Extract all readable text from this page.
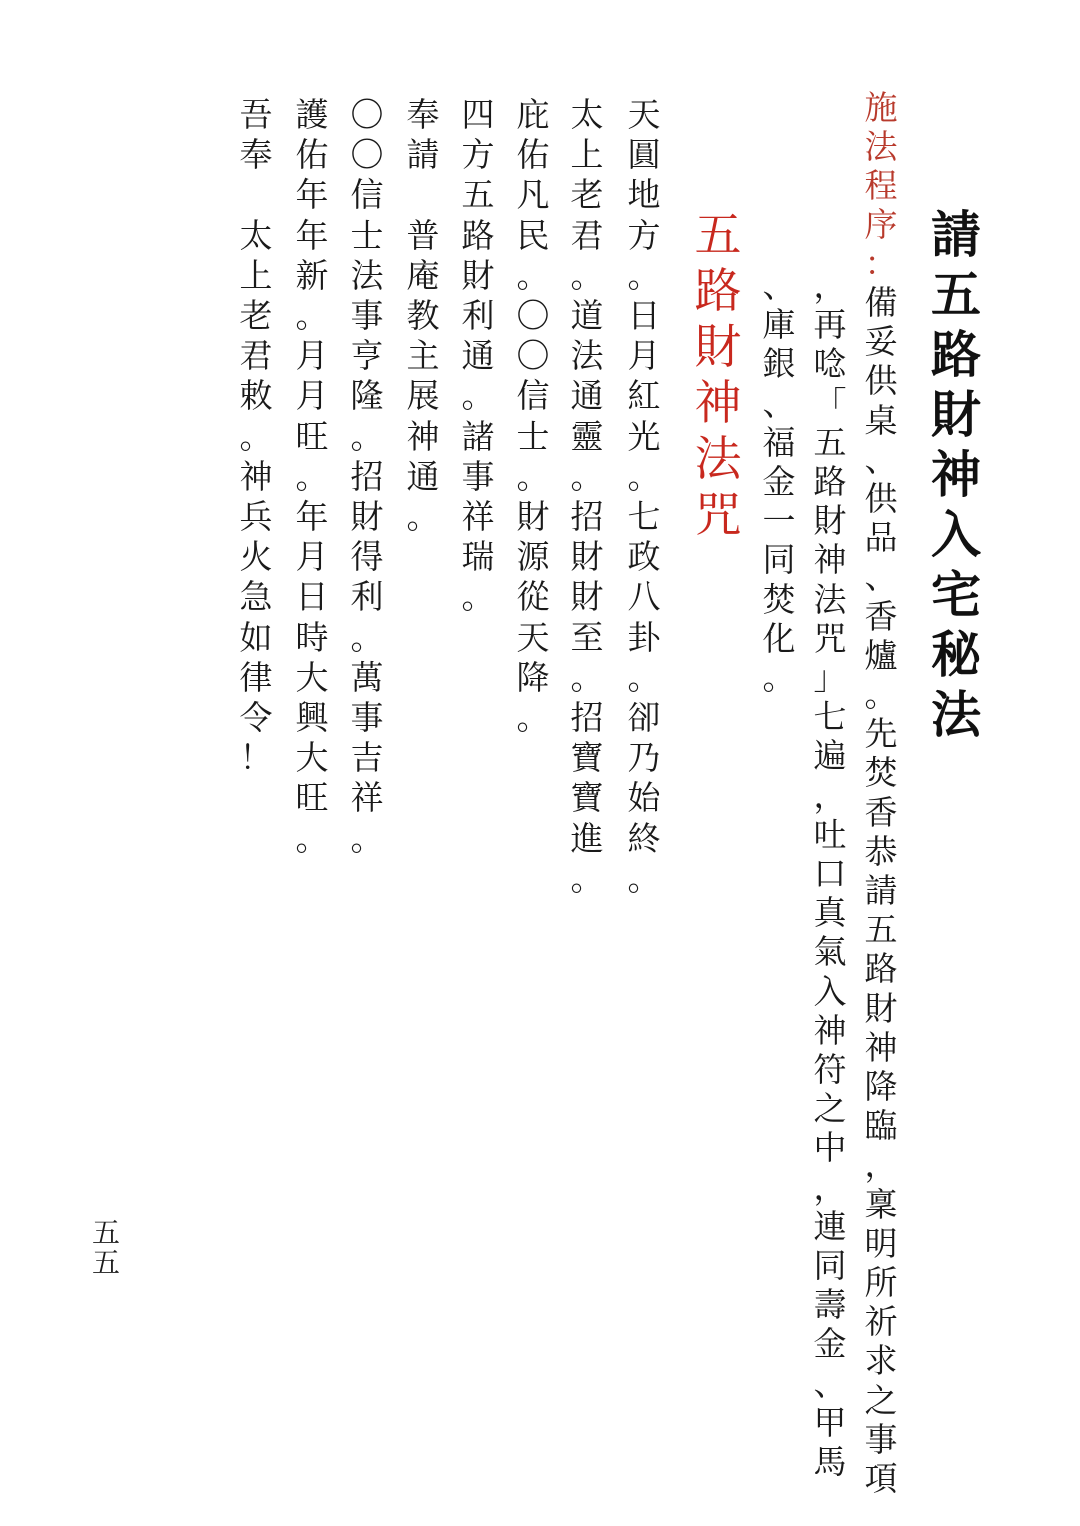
請
五
路
財
神
入
宅
秘
法
施
法
程
序
：
備
妥
供
桌
、
供
品
、
香
爐
。
先
焚
香
恭
請
五
路
財
神
降
臨
，
稟
明
所
祈
求
之
事
項
，
再
唸
「
五
路
財
神
法
咒
」
七
遍
，
吐
口
真
氣
入
神
符
之
中
，
連
同
壽
金
、
甲
馬
、
庫
銀
、
福
金
一
同
焚
化
。
五
路
財
神
法
咒
天
圓
地
方
。
日
月
紅
光
。
七
政
八
卦
。
卻
乃
始
終
。
太
上
老
君
。
道
法
通
靈
。
招
財
財
至
。
招
寶
寶
進
。
庇
佑
凡
民
。
〇
〇
信
士
。
財
源
從
天
降
。
四
方
五
路
財
利
通
。
諸
事
祥
瑞
。
奉
請

普
庵
教
主
展
神
通
。
〇
〇
信
士
法
事
亨
隆
。
招
財
得
利
。
萬
事
吉
祥
。
護
佑
年
年
新
。
月
月
旺
。
年
月
日
時
大
興
大
旺
。
吾
奉

太
上
老
君
敕
。
神
兵
火
急
如
律
令
！
五
五
